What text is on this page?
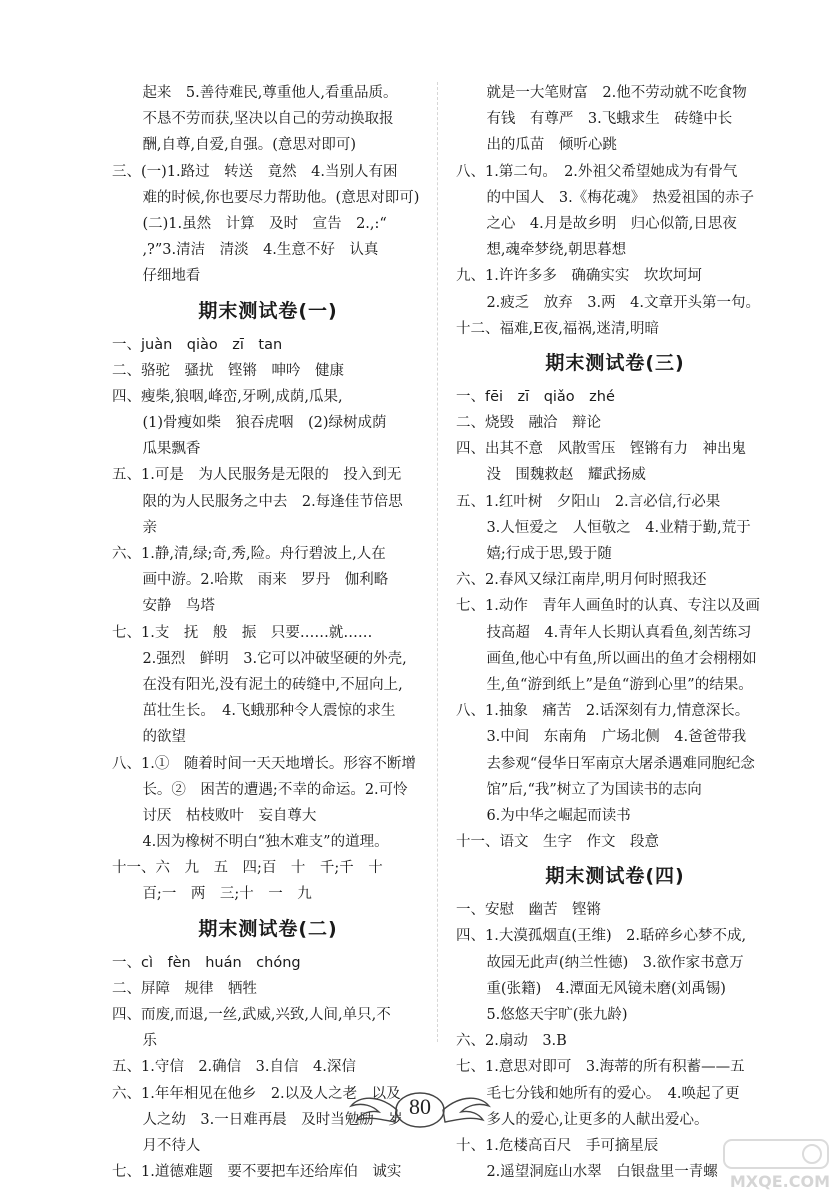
起来　5.善待难民,尊重他人,看重品质。
不恳不劳而获,坚决以自己的劳动换取报
酬,自尊,自爱,自强。(意思对即可)
三、(一)1.路过　转送　竟然　4.当别人有困
难的时候,你也要尽力帮助他。(意思对即可)
(二)1.虽然　计算　及时　宣告　2.,:“
,?”3.清洁　清淡　4.生意不好　认真
仔细地看
期末测试卷(一)
一、juàn　qiào　zī　tan
二、骆驼　骚扰　铿锵　呻吟　健康
四、瘦柴,狼咽,峰峦,牙咧,成荫,瓜果,
(1)骨瘦如柴　狼吞虎咽　(2)绿树成荫
瓜果飘香
五、1.可是　为人民服务是无限的　投入到无
限的为人民服务之中去　2.每逢佳节倍思
亲
六、1.静,清,绿;奇,秀,险。舟行碧波上,人在
画中游。2.哈欺　雨来　罗丹　伽利略
安静　鸟塔
七、1.支　抚　般　振　只要……就……
2.强烈　鲜明　3.它可以冲破坚硬的外壳,
在没有阳光,没有泥土的砖缝中,不屈向上,
茁壮生长。　4.飞蛾那种令人震惊的求生
的欲望
八、1.①　随着时间一天天地增长。形容不断增
长。②　困苦的遭遇;不幸的命运。2.可怜
讨厌　枯枝败叶　妄自尊大
4.因为橡树不明白“独木难支”的道理。
十一、六　九　五　四;百　十　千;千　十
百;一　两　三;十　一　九
期末测试卷(二)
一、cì　fèn　huán　chóng
二、屏障　规律　牺牲
四、而废,而退,一丝,武威,兴致,人间,单只,不
乐
五、1.守信　2.确信　3.自信　4.深信
六、1.年年相见在他乡　2.以及人之老　以及
人之幼　3.一日难再晨　及时当勉励　岁
月不待人
七、1.道德难题　要不要把车还给库伯　诚实
就是一大笔财富　2.他不劳动就不吃食物
有钱　有尊严　3.飞蛾求生　砖缝中长
出的瓜苗　倾听心跳
八、1.第二句。　2.外祖父希望她成为有骨气
的中国人　3.《梅花魂》　热爱祖国的赤子
之心　4.月是故乡明　归心似箭,日思夜
想,魂牵梦绕,朝思暮想
九、1.许许多多　确确实实　坎坎坷坷
2.疲乏　放弃　3.两　4.文章开头第一句。
十二、福难,E夜,福祸,迷清,明暗
期末测试卷(三)
一、fēi　zī　qiǎo　zhé
二、烧毁　融洽　辩论
四、出其不意　风散雪压　铿锵有力　神出鬼
没　围魏救赵　耀武扬威
五、1.红叶树　夕阳山　2.言必信,行必果
3.人恒爱之　人恒敬之　4.业精于勤,荒于
嬉;行成于思,毁于随
六、2.春风又绿江南岸,明月何时照我还
七、1.动作　青年人画鱼时的认真、专注以及画
技高超　4.青年人长期认真看鱼,刻苦练习
画鱼,他心中有鱼,所以画出的鱼才会栩栩如
生,鱼“游到纸上”是鱼“游到心里”的结果。
八、1.抽象　痛苦　2.话深刻有力,情意深长。
3.中间　东南角　广场北侧　4.爸爸带我
去参观“侵华日军南京大屠杀遇难同胞纪念
馆”后,“我”树立了为国读书的志向
6.为中华之崛起而读书
十一、语文　生字　作文　段意
期末测试卷(四)
一、安慰　幽苦　铿锵
四、1.大漠孤烟直(王维)　2.聒碎乡心梦不成,
故园无此声(纳兰性德)　3.欲作家书意万
重(张籍)　4.潭面无风镜未磨(刘禹锡)
5.悠悠天宇旷(张九龄)
六、2.扇动　3.B
七、1.意思对即可　3.海蒂的所有积蓄——五
毛七分钱和她所有的爱心。　4.唤起了更
多人的爱心,让更多的人献出爱心。
十、1.危楼高百尺　手可摘星辰
2.遥望洞庭山水翠　白银盘里一青螺
80
MXQE.COM
